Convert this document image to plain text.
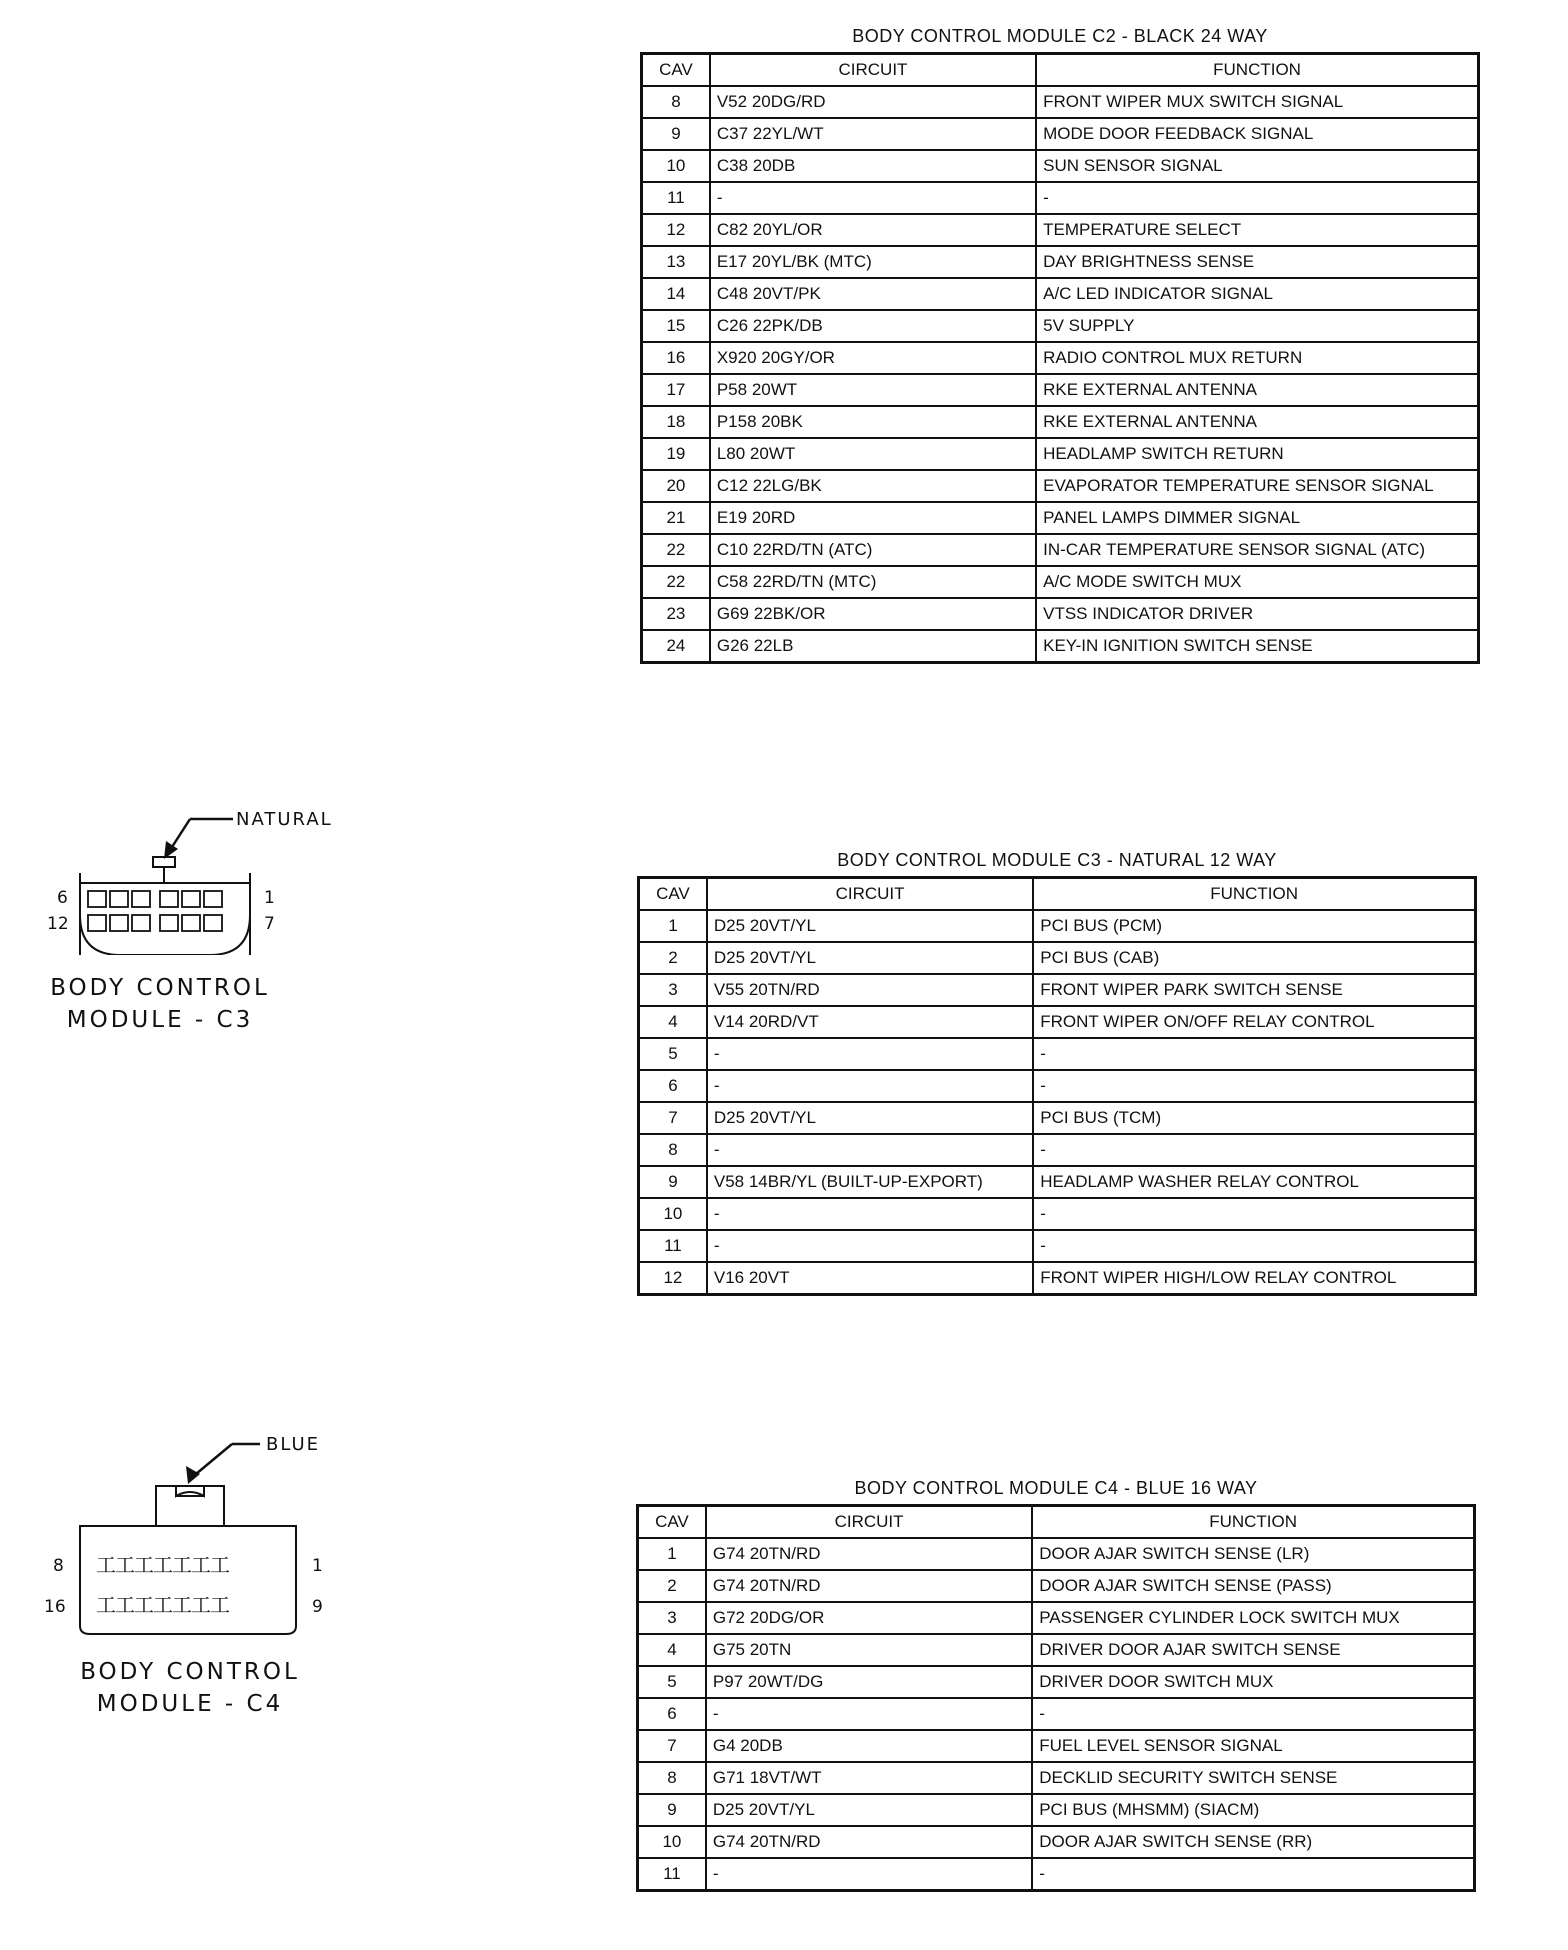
BODY CONTROL MODULE C2 - BLACK 24 WAY
CAV	CIRCUIT	FUNCTION
8	V52 20DG/RD	FRONT WIPER MUX SWITCH SIGNAL
9	C37 22YL/WT	MODE DOOR FEEDBACK SIGNAL
10	C38 20DB	SUN SENSOR SIGNAL
11	-	-
12	C82 20YL/OR	TEMPERATURE SELECT
13	E17 20YL/BK (MTC)	DAY BRIGHTNESS SENSE
14	C48 20VT/PK	A/C LED INDICATOR SIGNAL
15	C26 22PK/DB	5V SUPPLY
16	X920 20GY/OR	RADIO CONTROL MUX RETURN
17	P58 20WT	RKE EXTERNAL ANTENNA
18	P158 20BK	RKE EXTERNAL ANTENNA
19	L80 20WT	HEADLAMP SWITCH RETURN
20	C12 22LG/BK	EVAPORATOR TEMPERATURE SENSOR SIGNAL
21	E19 20RD	PANEL LAMPS DIMMER SIGNAL
22	C10 22RD/TN (ATC)	IN-CAR TEMPERATURE SENSOR SIGNAL (ATC)
22	C58 22RD/TN (MTC)	A/C MODE SWITCH MUX
23	G69 22BK/OR	VTSS INDICATOR DRIVER
24	G26 22LB	KEY-IN IGNITION SWITCH SENSE
NATURAL
6	1
12	7
BODY CONTROL
MODULE - C3
BODY CONTROL MODULE C3 - NATURAL 12 WAY
CAV	CIRCUIT	FUNCTION
1	D25 20VT/YL	PCI BUS (PCM)
2	D25 20VT/YL	PCI BUS (CAB)
3	V55 20TN/RD	FRONT WIPER PARK SWITCH SENSE
4	V14 20RD/VT	FRONT WIPER ON/OFF RELAY CONTROL
5	-	-
6	-	-
7	D25 20VT/YL	PCI BUS (TCM)
8	-	-
9	V58 14BR/YL (BUILT-UP-EXPORT)	HEADLAMP WASHER RELAY CONTROL
10	-	-
11	-	-
12	V16 20VT	FRONT WIPER HIGH/LOW RELAY CONTROL
BLUE
工工工工工工工
工工工工工工工
8	1
16	9
BODY CONTROL
MODULE - C4
BODY CONTROL MODULE C4 - BLUE 16 WAY
CAV	CIRCUIT	FUNCTION
1	G74 20TN/RD	DOOR AJAR SWITCH SENSE (LR)
2	G74 20TN/RD	DOOR AJAR SWITCH SENSE (PASS)
3	G72 20DG/OR	PASSENGER CYLINDER LOCK SWITCH MUX
4	G75 20TN	DRIVER DOOR AJAR SWITCH SENSE
5	P97 20WT/DG	DRIVER DOOR SWITCH MUX
6	-	-
7	G4 20DB	FUEL LEVEL SENSOR SIGNAL
8	G71 18VT/WT	DECKLID SECURITY SWITCH SENSE
9	D25 20VT/YL	PCI BUS (MHSMM) (SIACM)
10	G74 20TN/RD	DOOR AJAR SWITCH SENSE (RR)
11	-	-
